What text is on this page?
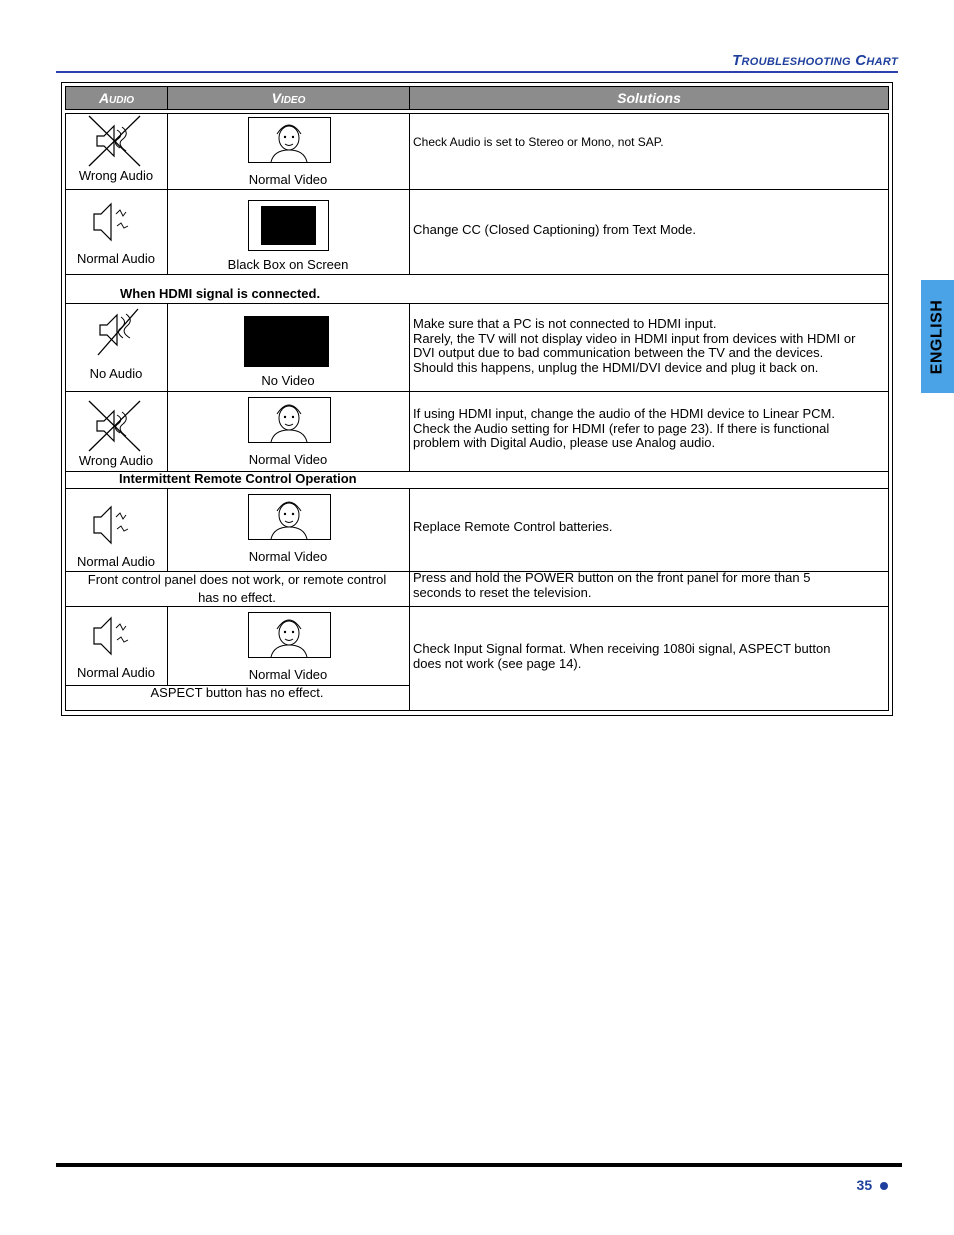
Troubleshooting Chart
ENGLISH
Audio	Video	Solutions
Wrong Audio	Normal Video
Check Audio is set to Stereo or Mono, not SAP.
Normal Audio	Black Box on Screen
Change CC (Closed Captioning) from Text Mode.
When HDMI signal is connected.
No Audio	No Video
Make sure that a PC is not connected to HDMI input.
Rarely, the TV will not display video in HDMI input from devices with HDMI or
DVI output due to bad communication between the TV and the devices.
Should this happens, unplug the HDMI/DVI device and plug it back on.
Wrong Audio	Normal Video
If using HDMI input, change the audio of the HDMI device to Linear PCM.
Check the Audio setting for HDMI (refer to page 23). If there is functional
problem with Digital Audio, please use Analog audio.
Intermittent Remote Control Operation
Normal Audio	Normal Video
Replace Remote Control batteries.
Front control panel does not work, or remote control
has no effect.
Press and hold the POWER button on the front panel for more than 5
seconds to reset the television.
Normal Audio	Normal Video
ASPECT button has no effect.
Check Input Signal format. When receiving 1080i signal, ASPECT button
does not work (see page 14).
35
